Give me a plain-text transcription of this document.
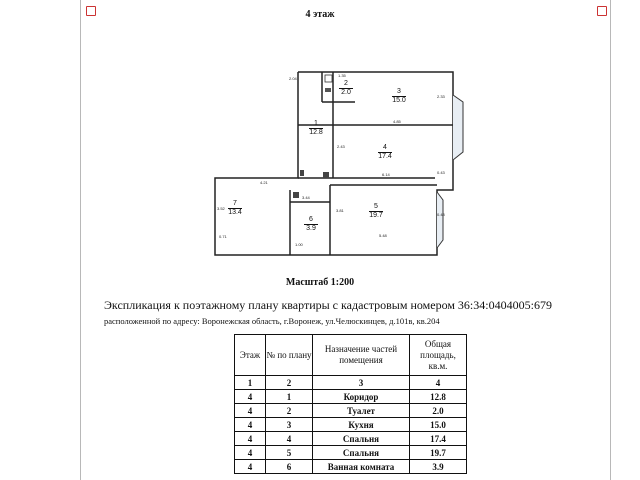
4 этаж
2
2.0	3
15.0
1
12.8
4
17.4
7
13.4
6
3.9
5
19.7
1.35
2.33
4.85
2.43
6.14
4.21
3.52
0.71
1.00
3.81
5.48
0.43
0.43
3.44
2.04
Масштаб 1:200
Экспликация к поэтажному плану квартиры с кадастровым номером 36:34:0404005:679
расположенной по адресу: Воронежская область, г.Воронеж, ул.Челюскинцев, д.101в, кв.204
Этаж	№ по плану	Назначение частей помещения	Общая площадь, кв.м.
1	2	3	4
4	1	Коридор	12.8
4	2	Туалет	2.0
4	3	Кухня	15.0
4	4	Спальня	17.4
4	5	Спальня	19.7
4	6	Ванная комната	3.9
